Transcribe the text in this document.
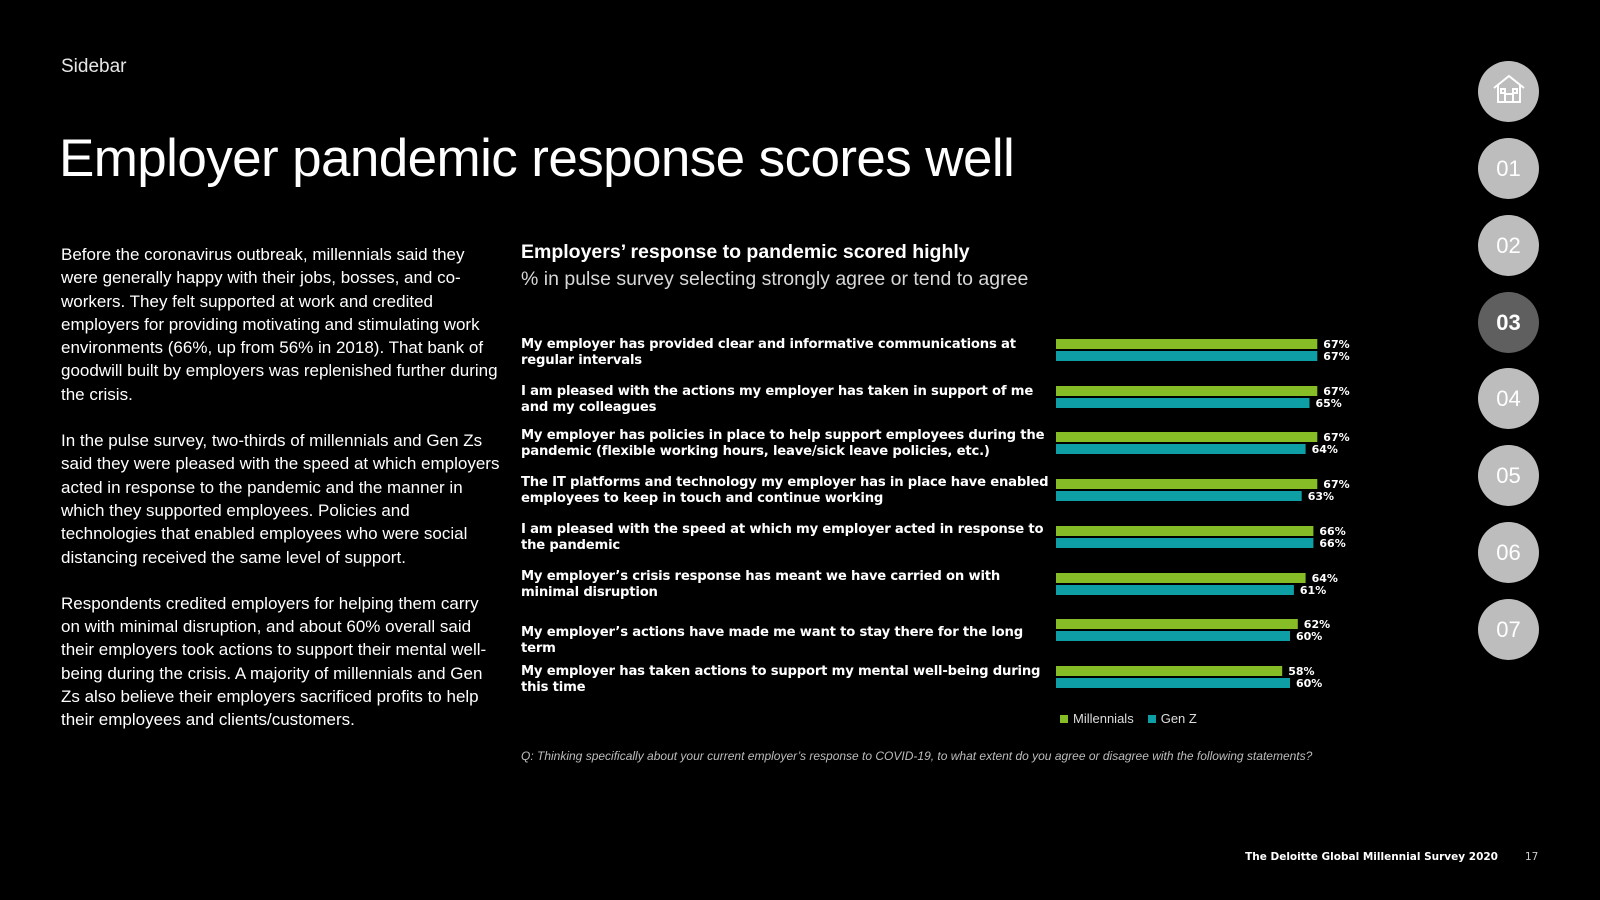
Sidebar
Employer pandemic response scores well

Before the coronavirus outbreak, millennials said they were generally happy with their jobs, bosses, and co-workers. They felt supported at work and credited employers for providing motivating and stimulating work environments (66%, up from 56% in 2018). That bank of goodwill built by employers was replenished further during the crisis.

In the pulse survey, two-thirds of millennials and Gen Zs said they were pleased with the speed at which employers acted in response to the pandemic and the manner in which they supported employees. Policies and technologies that enabled employees who were social distancing received the same level of support.

Respondents credited employers for helping them carry on with minimal disruption, and about 60% overall said their employers took actions to support their mental well-being during the crisis. A majority of millennials and Gen Zs also believe their employers sacrificed profits to help their employees and clients/customers.

Employers’ response to pandemic scored highly
% in pulse survey selecting strongly agree or tend to agree
My employer has provided clear and informative communications at regular intervals
I am pleased with the actions my employer has taken in support of me and my colleagues
My employer has policies in place to help support employees during the pandemic (flexible working hours, leave/sick leave policies, etc.)
The IT platforms and technology my employer has in place have enabled employees to keep in touch and continue working
I am pleased with the speed at which my employer acted in response to the pandemic
My employer’s crisis response has meant we have carried on with minimal disruption
My employer’s actions have made me want to stay there for the long term
My employer has taken actions to support my mental well-being during this time
67%
67%
67%
67%
66%
64%
62%
58%
67%
65%
64%
63%
66%
61%
60%
60%
Millennials Gen Z
Q: Thinking specifically about your current employer’s response to COVID-19, to what extent do you agree or disagree with the following statements?
01
02
03
04
05
06
07
The Deloitte Global Millennial Survey 2020	17
